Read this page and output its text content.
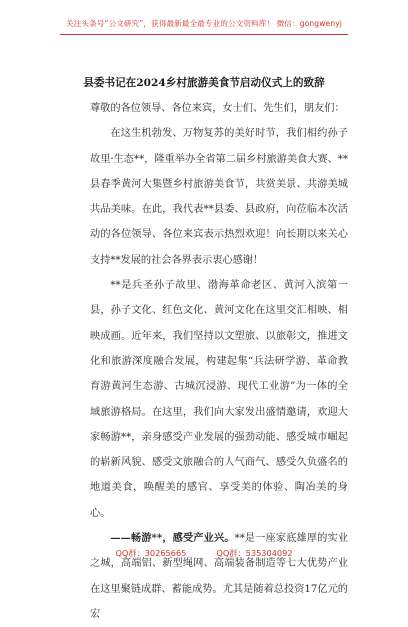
关注头条号“公文研究”，获得最新最全最专业的公文资料库！ 微信：gongwenyj
县委书记在2024乡村旅游美食节启动仪式上的致辞

尊敬的各位领导、各位来宾，女士们、先生们，朋友们：

在这生机勃发、万物复苏的美好时节，我们相约孙子故里·生态**，隆重举办全省第二届乡村旅游美食大赛、**县春季黄河大集暨乡村旅游美食节，共赏美景、共游美城共品美味。在此，我代表**县委、县政府，向莅临本次活动的各位领导、各位来宾表示热烈欢迎！向长期以来关心支持**发展的社会各界表示衷心感谢！

**是兵圣孙子故里、渤海革命老区、黄河入滨第一县，孙子文化、红色文化、黄河文化在这里交汇相映、相映成画。近年来，我们坚持以文塑旅、以旅彰文，推进文化和旅游深度融合发展，构建起集“兵法研学游、革命教育游黄河生态游、古城沉浸游、现代工业游”为一体的全域旅游格局。在这里，我们向大家发出盛情邀请，欢迎大家畅游**，亲身感受产业发展的强劲动能、感受城市崛起的崭新风貌、感受文旅融合的人气商气、感受久负盛名的地道美食，唤醒美的感官、享受美的体验、陶冶美的身心。

——畅游**，感受产业兴。**是一座家底雄厚的实业之城，高端铝、新型绳网、高端装备制造等七大优势产业在这里聚链成群、蓄能成势。尤其是随着总投资17亿元的宏

QQ群：30265665	QQ群：535304092
